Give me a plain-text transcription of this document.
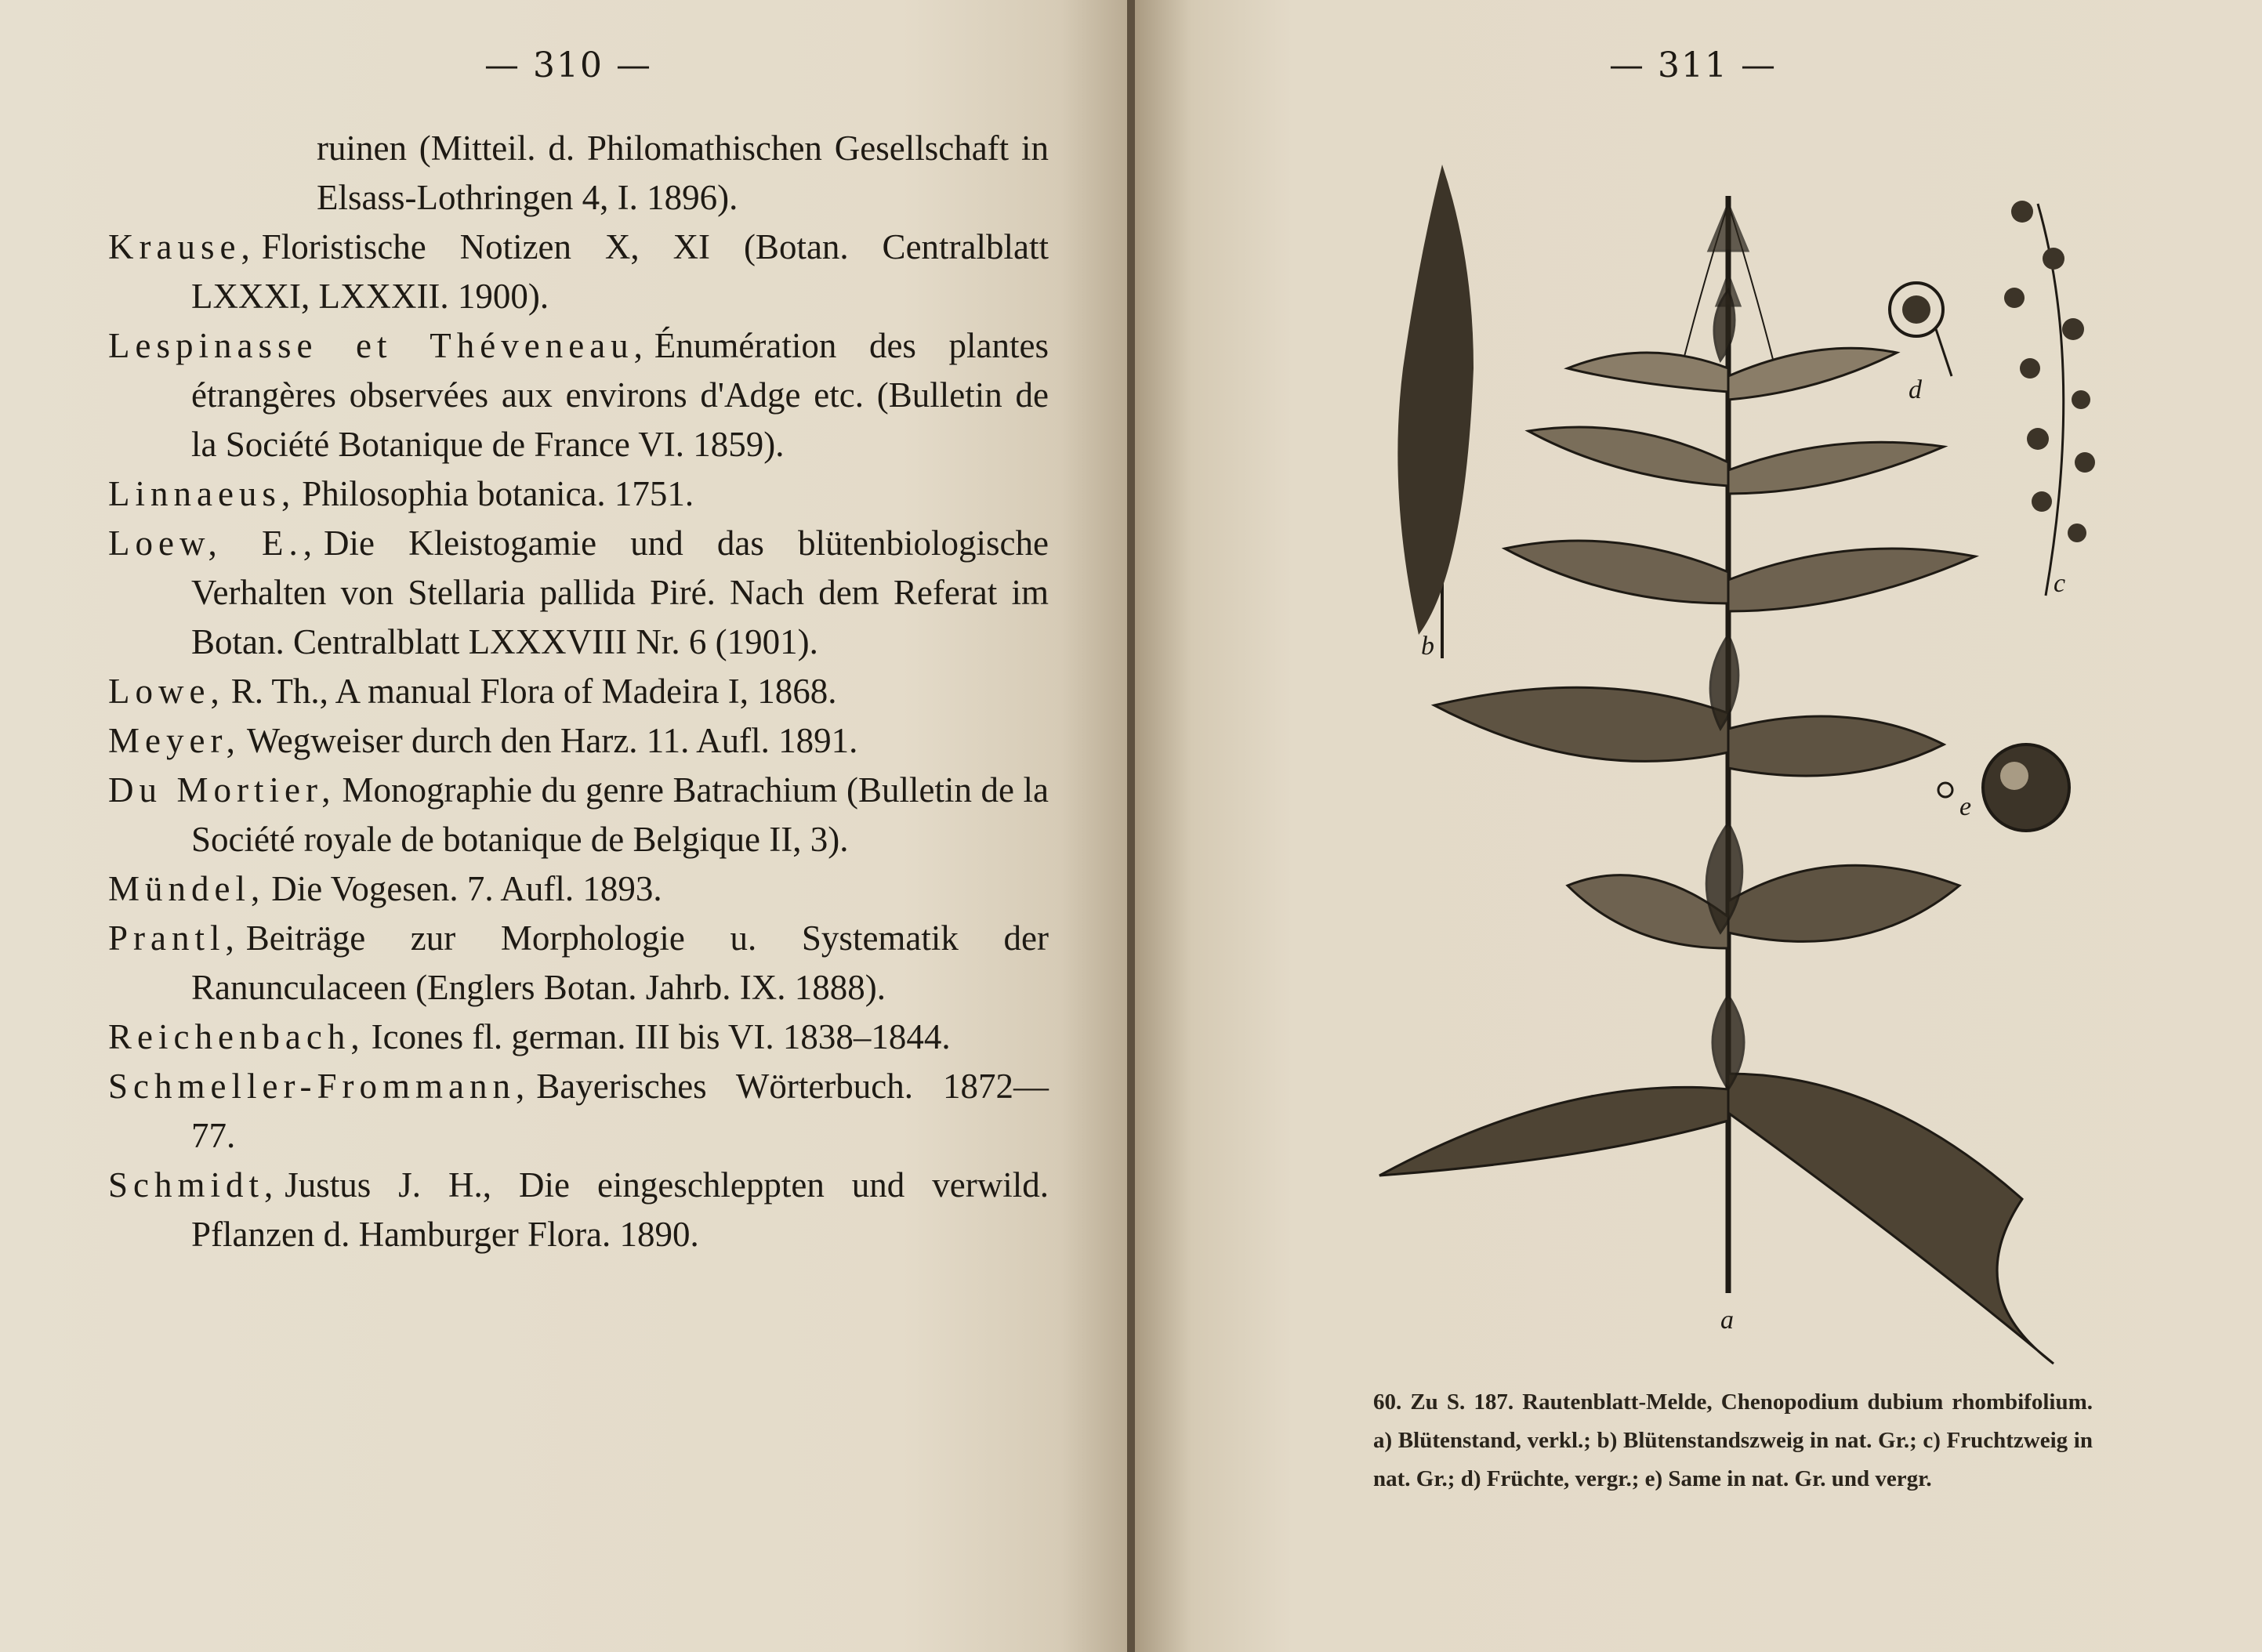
— 310 —

ruinen (Mitteil. d. Philomathischen Gesellschaft in Elsass-Lothringen 4, I. 1896).

Krause, Floristische Notizen X, XI (Botan. Centralblatt LXXXI, LXXXII. 1900).

Lespinasse et Théveneau, Énumération des plantes étrangères observées aux environs d'Adge etc. (Bulletin de la Société Botanique de France VI. 1859).

Linnaeus, Philosophia botanica. 1751.

Loew, E., Die Kleistogamie und das blütenbiologische Verhalten von Stellaria pallida Piré. Nach dem Referat im Botan. Centralblatt LXXXVIII Nr. 6 (1901).

Lowe, R. Th., A manual Flora of Madeira I, 1868.

Meyer, Wegweiser durch den Harz. 11. Aufl. 1891.

Du Mortier, Monographie du genre Batrachium (Bulletin de la Société royale de botanique de Belgique II, 3).

Mündel, Die Vogesen. 7. Aufl. 1893.

Prantl, Beiträge zur Morphologie u. Systematik der Ranunculaceen (Englers Botan. Jahrb. IX. 1888).

Reichenbach, Icones fl. german. III bis VI. 1838–1844.

Schmeller-Frommann, Bayerisches Wörterbuch. 1872—77.

Schmidt, Justus J. H., Die eingeschleppten und verwild. Pflanzen d. Hamburger Flora. 1890.

— 311 —
a
b
c
d
e
60. Zu S. 187. Rautenblatt-Melde, Chenopodium dubium rhombifolium. a) Blütenstand, verkl.; b) Blütenstandszweig in nat. Gr.; c) Fruchtzweig in nat. Gr.; d) Früchte, vergr.; e) Same in nat. Gr. und vergr.
